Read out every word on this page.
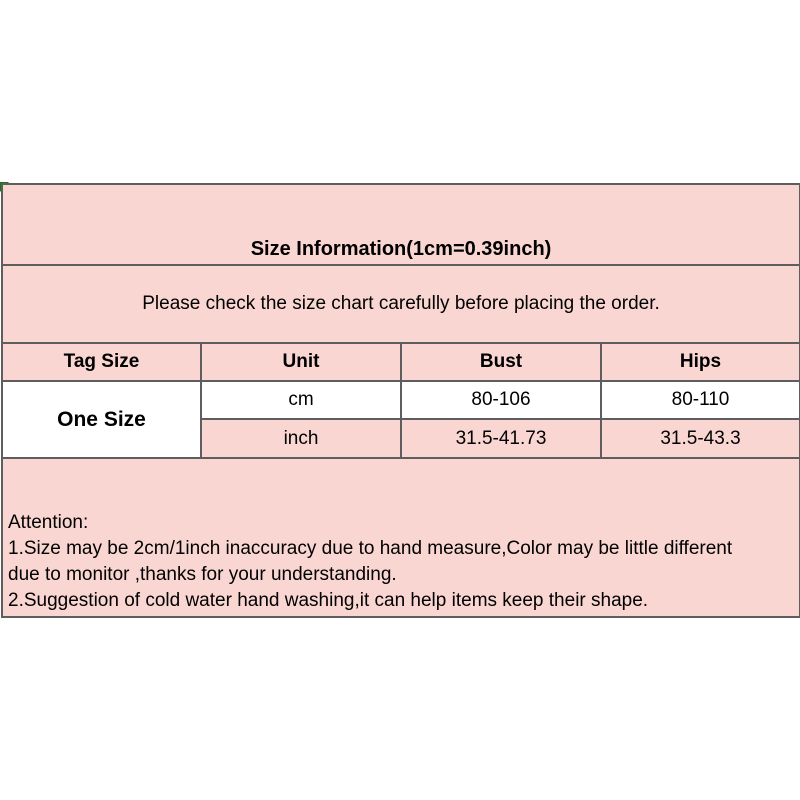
Size Information(1cm=0.39inch)			
Please check the size chart carefully before placing the order.			
Tag Size	Unit	Bust	Hips
One Size	cm	80-106	80-110
	inch	31.5-41.73	31.5-43.3

Attention:
1.Size may be 2cm/1inch inaccuracy due to hand measure,Color may be little different
due to monitor ,thanks for your understanding.
2.Suggestion of cold water hand washing,it can help items keep their shape.			
